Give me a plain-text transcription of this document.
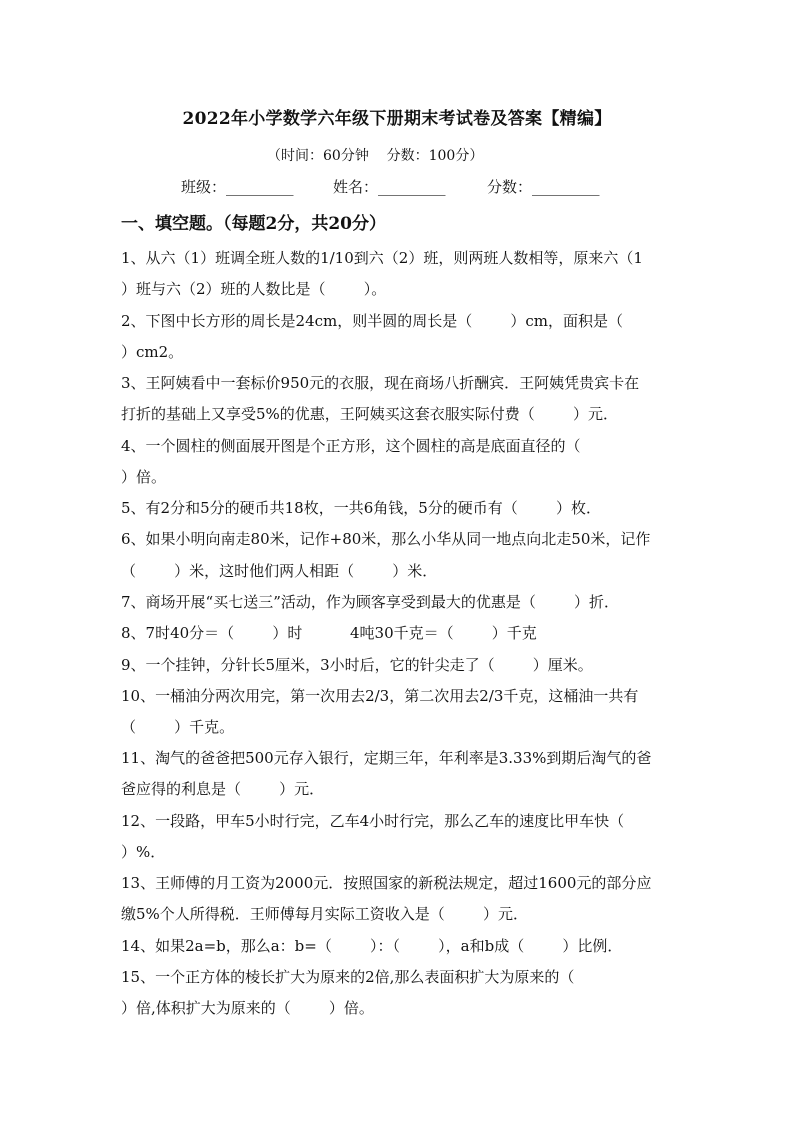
2022年小学数学六年级下册期末考试卷及答案【精编】
（时间：60分钟    分数：100分）
班级：_________	姓名：_________	分数：_________
一、填空题。（每题2分，共20分）
1、从六（1）班调全班人数的1/10到六（2）班，则两班人数相等，原来六（1
）班与六（2）班的人数比是（        ）。
2、下图中长方形的周长是24cm，则半圆的周长是（        ）cm，面积是（
）cm2。
3、王阿姨看中一套标价950元的衣服，现在商场八折酬宾．王阿姨凭贵宾卡在
打折的基础上又享受5%的优惠，王阿姨买这套衣服实际付费（        ）元．
4、一个圆柱的侧面展开图是个正方形，这个圆柱的高是底面直径的（
）倍。
5、有2分和5分的硬币共18枚，一共6角钱，5分的硬币有（        ）枚．
6、如果小明向南走80米，记作+80米，那么小华从同一地点向北走50米，记作
（        ）米，这时他们两人相距（        ）米．
7、商场开展“买七送三”活动，作为顾客享受到最大的优惠是（        ）折．
8、7时40分＝（        ）时          4吨30千克＝（        ）千克
9、一个挂钟，分针长5厘米，3小时后，它的针尖走了（        ）厘米。
10、一桶油分两次用完，第一次用去2/3，第二次用去2/3千克，这桶油一共有
（        ）千克。
11、淘气的爸爸把500元存入银行，定期三年，年利率是3.33%到期后淘气的爸
爸应得的利息是（        ）元．
12、一段路，甲车5小时行完，乙车4小时行完，那么乙车的速度比甲车快（
）%．
13、王师傅的月工资为2000元．按照国家的新税法规定，超过1600元的部分应
缴5%个人所得税．王师傅每月实际工资收入是（        ）元．
14、如果2a=b，那么a：b=（        ）：（        ），a和b成（        ）比例．
15、一个正方体的棱长扩大为原来的2倍,那么表面积扩大为原来的（
）倍,体积扩大为原来的（        ）倍。
